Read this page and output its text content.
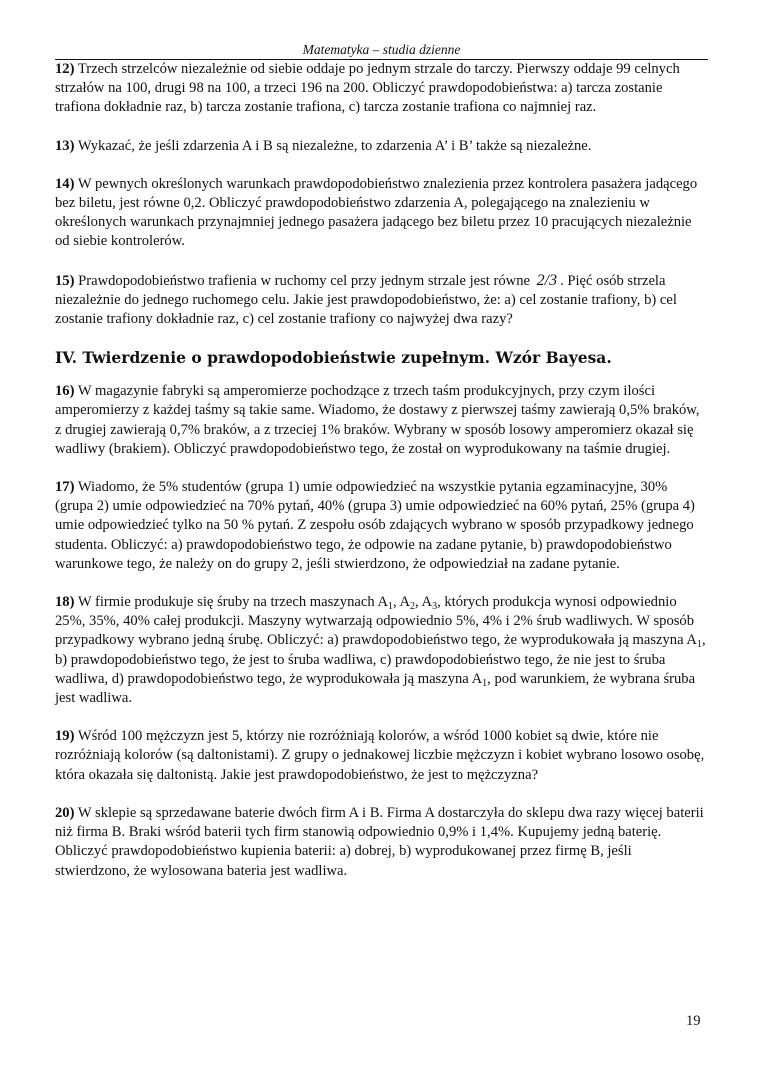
Matematyka – studia dzienne

12) Trzech strzelców niezależnie od siebie oddaje po jednym strzale do tarczy. Pierwszy oddaje 99 celnych strzałów na 100, drugi 98 na 100, a trzeci 196 na 200. Obliczyć prawdopodobieństwa: a) tarcza zostanie trafiona dokładnie raz, b) tarcza zostanie trafiona, c) tarcza zostanie trafiona co najmniej raz.

13) Wykazać, że jeśli zdarzenia A i B są niezależne, to zdarzenia A’ i B’ także są niezależne.

14) W pewnych określonych warunkach prawdopodobieństwo znalezienia przez kontrolera pasażera jadącego bez biletu, jest równe 0,2. Obliczyć prawdopodobieństwo zdarzenia A, polegającego na znalezieniu w określonych warunkach przynajmniej jednego pasażera jadącego bez biletu przez 10 pracujących niezależnie od siebie kontrolerów.

15) Prawdopodobieństwo trafienia w ruchomy cel przy jednym strzale jest równe 2/3 . Pięć osób strzela niezależnie do jednego ruchomego celu. Jakie jest prawdopodobieństwo, że: a) cel zostanie trafiony, b) cel zostanie trafiony dokładnie raz, c) cel zostanie trafiony co najwyżej dwa razy?

IV. Twierdzenie o prawdopodobieństwie zupełnym. Wzór Bayesa.

16) W magazynie fabryki są amperomierze pochodzące z trzech taśm produkcyjnych, przy czym ilości amperomierzy z każdej taśmy są takie same. Wiadomo, że dostawy z pierwszej taśmy zawierają 0,5% braków, z drugiej zawierają 0,7% braków, a z trzeciej 1% braków. Wybrany w sposób losowy amperomierz okazał się wadliwy (brakiem). Obliczyć prawdopodobieństwo tego, że został on wyprodukowany na taśmie drugiej.

17) Wiadomo, że 5% studentów (grupa 1) umie odpowiedzieć na wszystkie pytania egzaminacyjne, 30% (grupa 2) umie odpowiedzieć na 70% pytań, 40% (grupa 3) umie odpowiedzieć na 60% pytań, 25% (grupa 4) umie odpowiedzieć tylko na 50 % pytań. Z zespołu osób zdających wybrano w sposób przypadkowy jednego studenta. Obliczyć: a) prawdopodobieństwo tego, że odpowie na zadane pytanie, b) prawdopodobieństwo warunkowe tego, że należy on do grupy 2, jeśli stwierdzono, że odpowiedział na zadane pytanie.

18) W firmie produkuje się śruby na trzech maszynach $A_1$, $A_2$, $A_3$, których produkcja wynosi odpowiednio 25%, 35%, 40% całej produkcji. Maszyny wytwarzają odpowiednio 5%, 4% i 2% śrub wadliwych. W sposób przypadkowy wybrano jedną śrubę. Obliczyć: a) prawdopodobieństwo tego, że wyprodukowała ją maszyna $A_1$, b) prawdopodobieństwo tego, że jest to śruba wadliwa, c) prawdopodobieństwo tego, że nie jest to śruba wadliwa, d) prawdopodobieństwo tego, że wyprodukowała ją maszyna $A_1$, pod warunkiem, że wybrana śruba jest wadliwa.

19) Wśród 100 mężczyzn jest 5, którzy nie rozróżniają kolorów, a wśród 1000 kobiet są dwie, które nie rozróżniają kolorów (są daltonistami). Z grupy o jednakowej liczbie mężczyzn i kobiet wybrano losowo osobę, która okazała się daltonistą. Jakie jest prawdopodobieństwo, że jest to mężczyzna?

20) W sklepie są sprzedawane baterie dwóch firm A i B. Firma A dostarczyła do sklepu dwa razy więcej baterii niż firma B. Braki wśród baterii tych firm stanowią odpowiednio 0,9% i 1,4%. Kupujemy jedną baterię. Obliczyć prawdopodobieństwo kupienia baterii: a) dobrej, b) wyprodukowanej przez firmę B, jeśli stwierdzono, że wylosowana bateria jest wadliwa.

19
